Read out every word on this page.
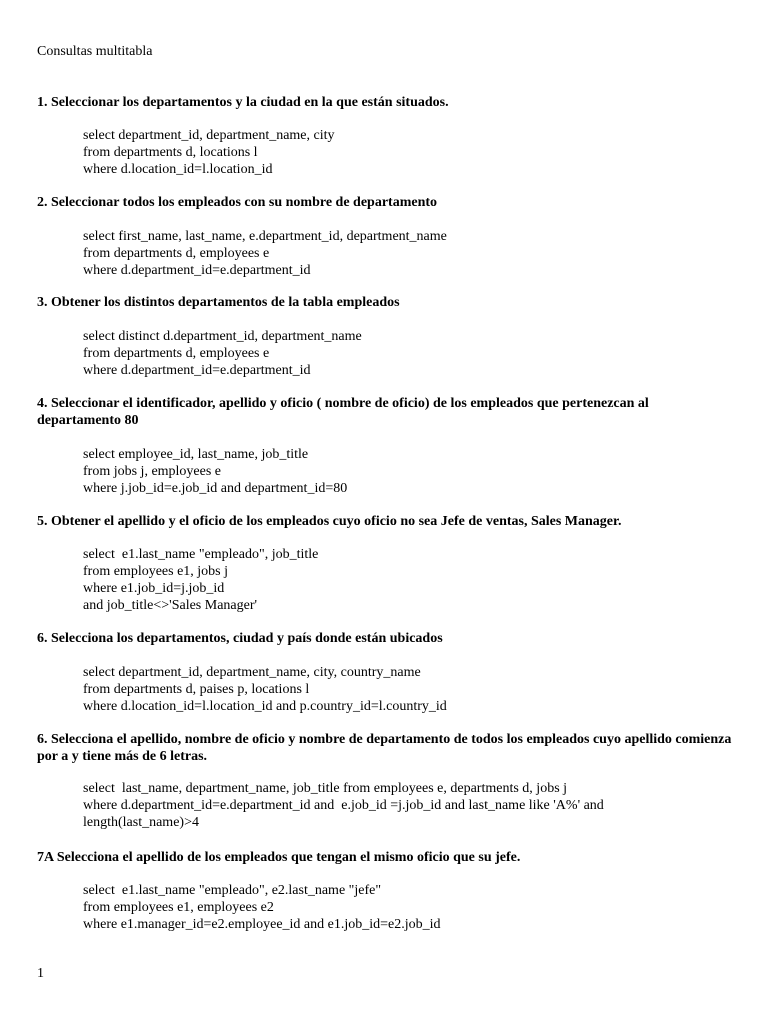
Consultas multitabla
1. Seleccionar los departamentos y la ciudad en la que están situados.
select department_id, department_name, city
from departments d, locations l
where d.location_id=l.location_id
2. Seleccionar todos los empleados con su nombre de departamento
select first_name, last_name, e.department_id, department_name
from departments d, employees e
where d.department_id=e.department_id
3. Obtener los distintos departamentos de la tabla empleados
select distinct d.department_id, department_name
from departments d, employees e
where d.department_id=e.department_id
4. Seleccionar el identificador, apellido y oficio ( nombre de oficio) de los empleados que pertenezcan al departamento 80
select employee_id, last_name, job_title
from jobs j, employees e
where j.job_id=e.job_id and department_id=80
5. Obtener el apellido y el oficio de los empleados cuyo oficio no sea Jefe de ventas, Sales Manager.
select  e1.last_name "empleado", job_title
from employees e1, jobs j
where e1.job_id=j.job_id
and job_title<>'Sales Manager'
6. Selecciona los departamentos, ciudad y país donde están ubicados
select department_id, department_name, city, country_name
from departments d, paises p, locations l
where d.location_id=l.location_id and p.country_id=l.country_id
6. Selecciona el apellido, nombre de oficio y nombre de departamento de todos los empleados cuyo apellido comienza por a y tiene más de 6 letras.
select  last_name, department_name, job_title from employees e, departments d, jobs j
where d.department_id=e.department_id and  e.job_id =j.job_id and last_name like 'A%' and length(last_name)>4
7A Selecciona el apellido de los empleados que tengan el mismo oficio que su jefe.
select  e1.last_name "empleado", e2.last_name "jefe"
from employees e1, employees e2
where e1.manager_id=e2.employee_id and e1.job_id=e2.job_id
1
